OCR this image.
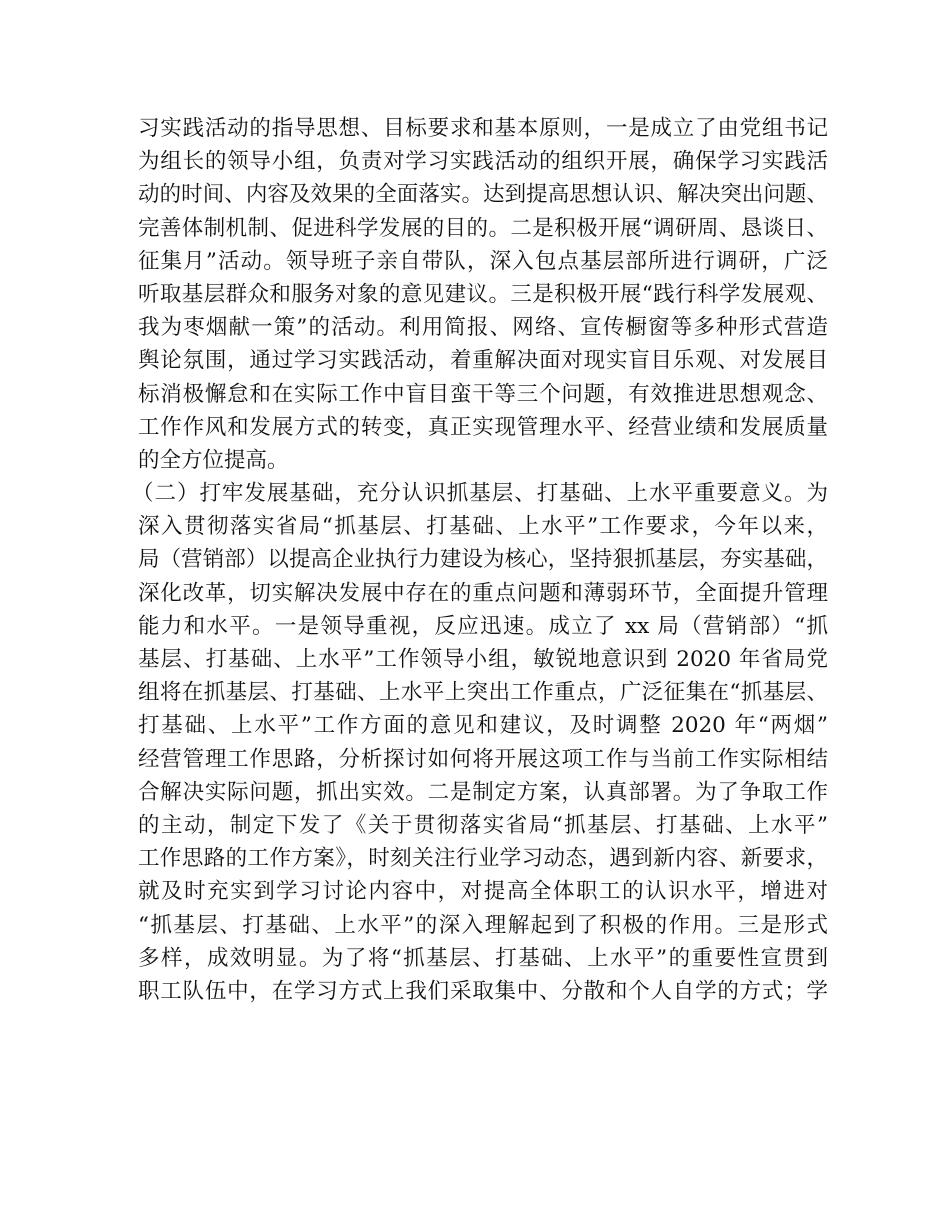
习实践活动的指导思想、目标要求和基本原则，一是成立了由党组书记
为组长的领导小组，负责对学习实践活动的组织开展，确保学习实践活
动的时间、内容及效果的全面落实。达到提高思想认识、解决突出问题、
完善体制机制、促进科学发展的目的。二是积极开展“调研周、恳谈日、
征集月”活动。领导班子亲自带队，深入包点基层部所进行调研，广泛
听取基层群众和服务对象的意见建议。三是积极开展“践行科学发展观、
我为枣烟献一策”的活动。利用简报、网络、宣传橱窗等多种形式营造
舆论氛围，通过学习实践活动，着重解决面对现实盲目乐观、对发展目
标消极懈怠和在实际工作中盲目蛮干等三个问题，有效推进思想观念、
工作作风和发展方式的转变，真正实现管理水平、经营业绩和发展质量
的全方位提高。
（二）打牢发展基础，充分认识抓基层、打基础、上水平重要意义。为
深入贯彻落实省局“抓基层、打基础、上水平”工作要求，今年以来，
局（营销部）以提高企业执行力建设为核心，坚持狠抓基层，夯实基础，
深化改革，切实解决发展中存在的重点问题和薄弱环节，全面提升管理
能力和水平。一是领导重视，反应迅速。成立了 xx 局（营销部）“抓
基层、打基础、上水平”工作领导小组，敏锐地意识到 2020 年省局党
组将在抓基层、打基础、上水平上突出工作重点，广泛征集在“抓基层、
打基础、上水平”工作方面的意见和建议，及时调整 2020 年“两烟”
经营管理工作思路，分析探讨如何将开展这项工作与当前工作实际相结
合解决实际问题，抓出实效。二是制定方案，认真部署。为了争取工作
的主动，制定下发了《关于贯彻落实省局“抓基层、打基础、上水平”
工作思路的工作方案》，时刻关注行业学习动态，遇到新内容、新要求，
就及时充实到学习讨论内容中，对提高全体职工的认识水平，增进对
“抓基层、打基础、上水平”的深入理解起到了积极的作用。三是形式
多样，成效明显。为了将“抓基层、打基础、上水平”的重要性宣贯到
职工队伍中，在学习方式上我们采取集中、分散和个人自学的方式；学
